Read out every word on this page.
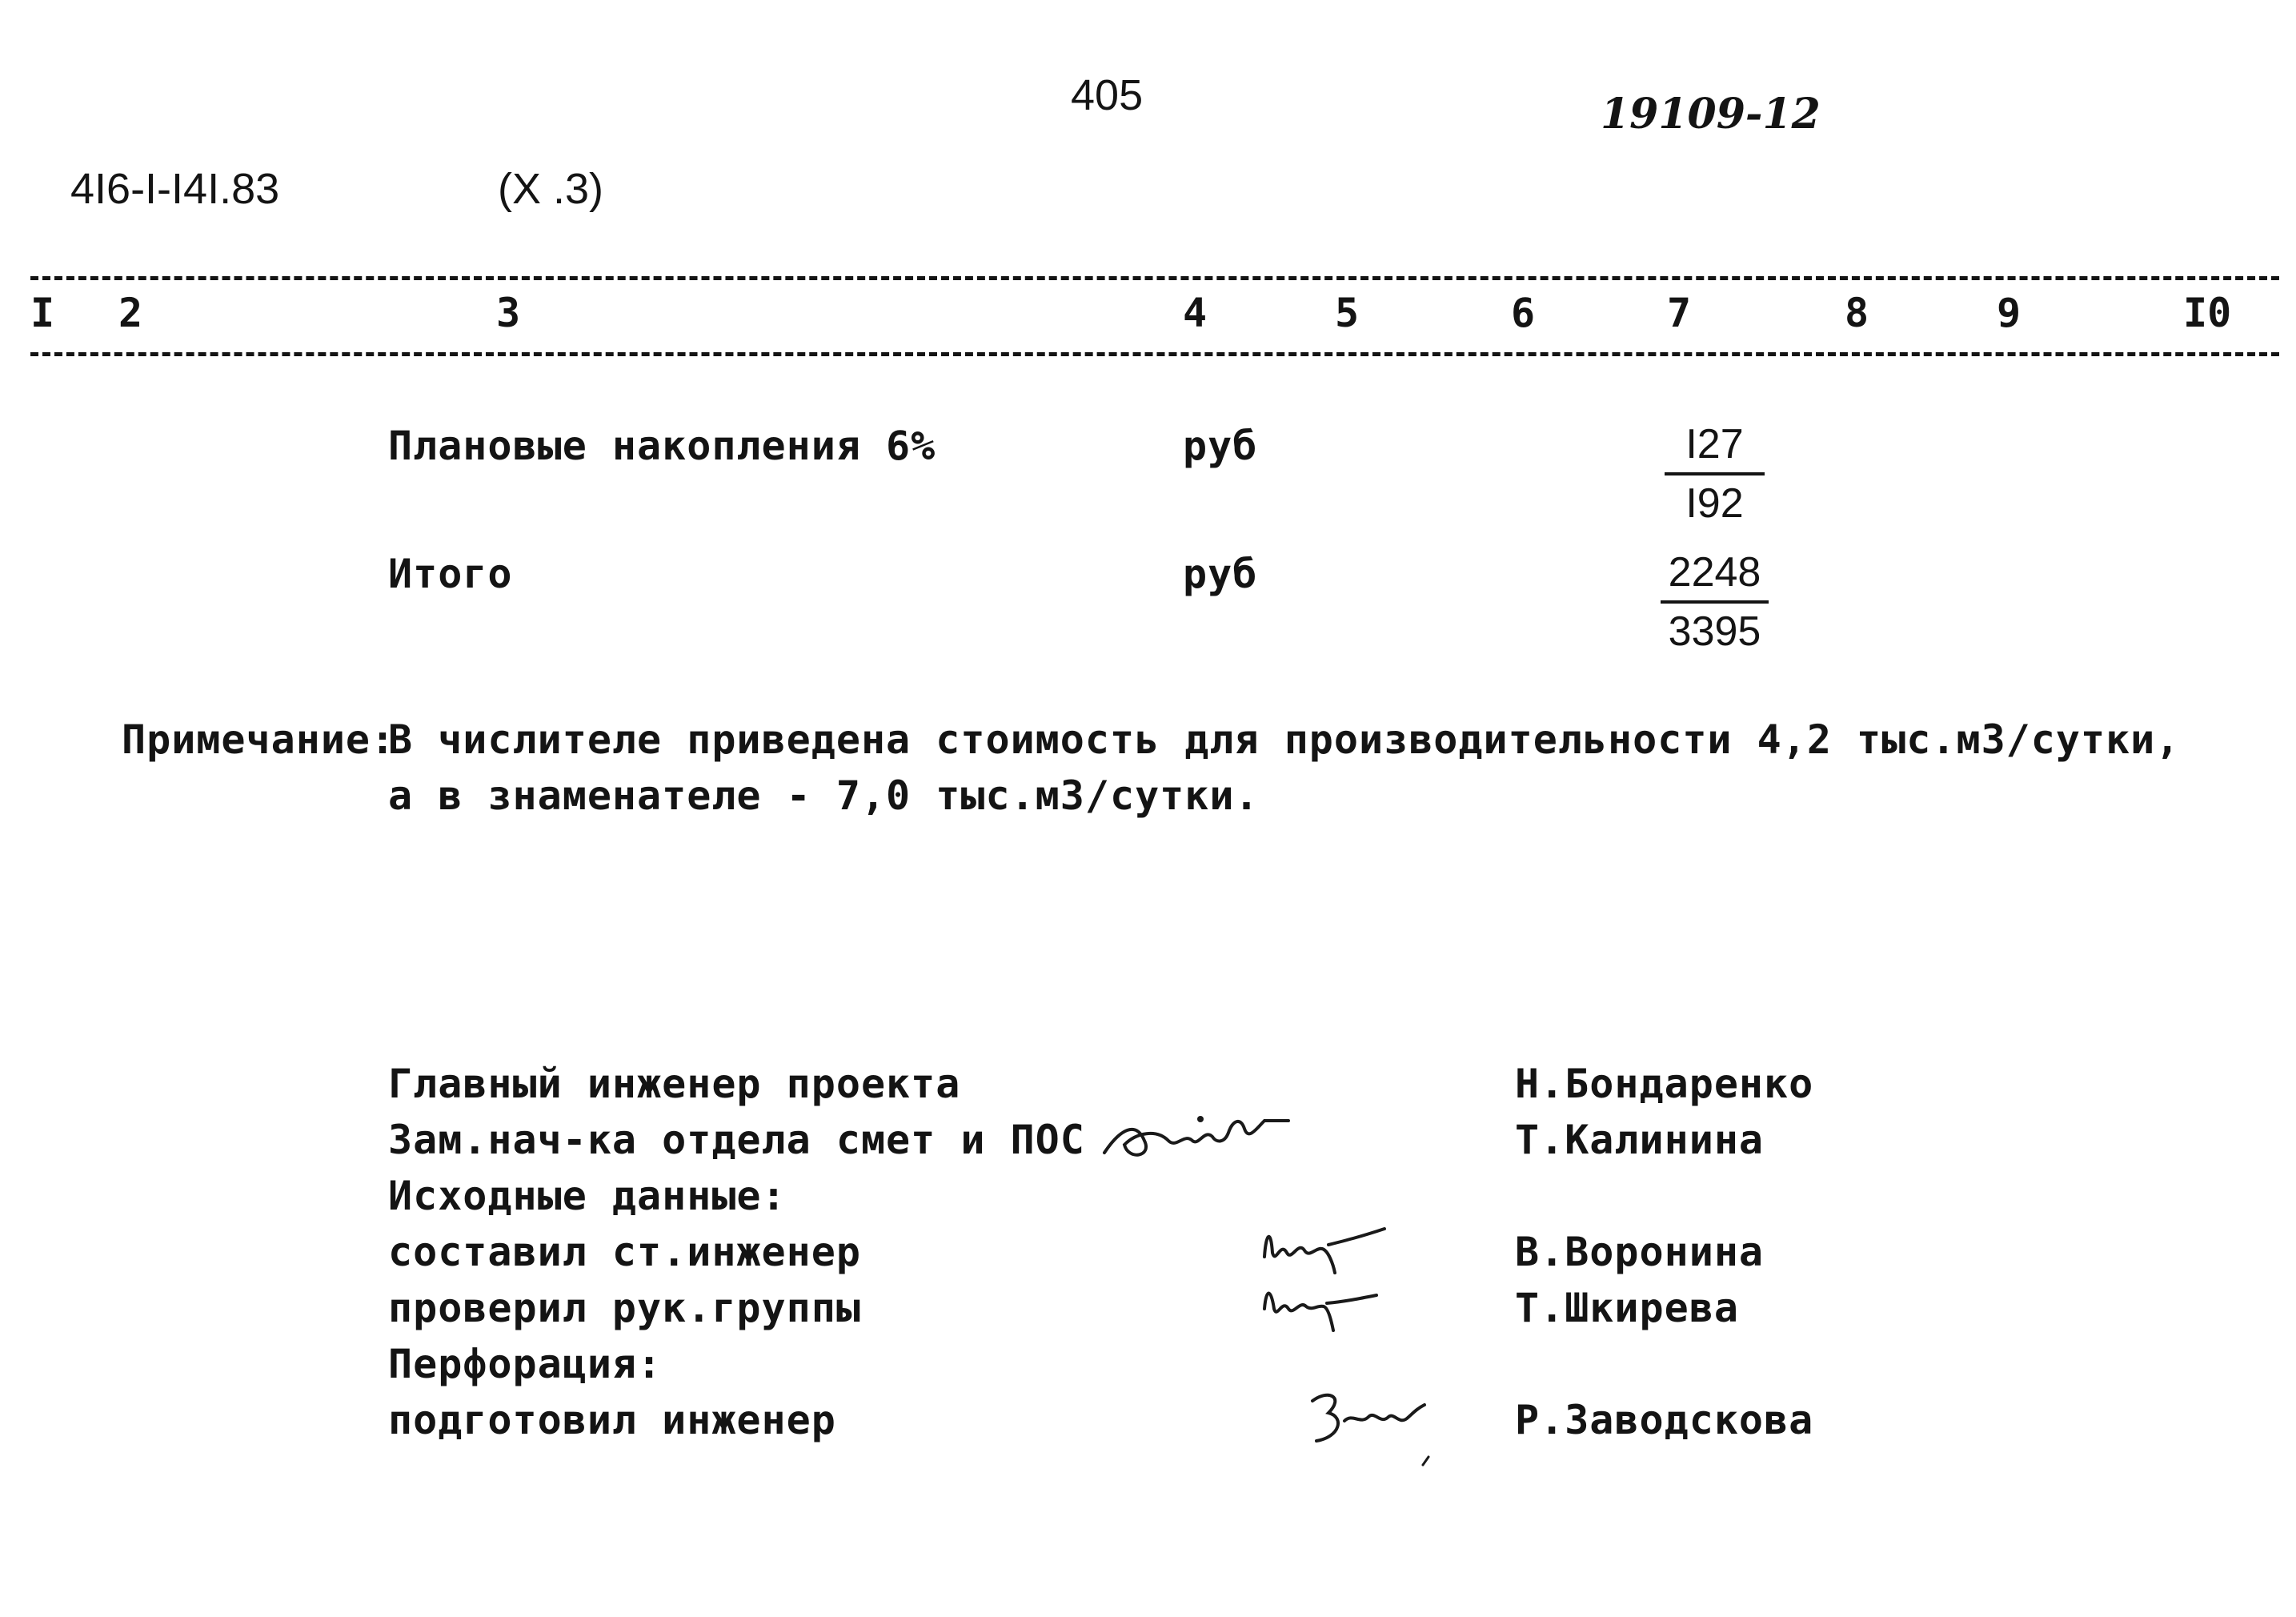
405	19109-12
4I6-I-I4I.83	(X .3)
I 2	3	4	5	6	7	8	9	I0
Плановые накопления 6%	руб	$\frac{I27}{I92}$
Итого	руб	$\frac{2248}{3395}$
Примечание:
В числителе приведена стоимость для производительности 4,2 тыс.м3/сутки,
а в знаменателе - 7,0 тыс.м3/сутки.
Главный инженер проекта	Н.Бондаренко
Зам.нач-ка отдела смет и ПОС	Т.Калинина
Исходные данные:
составил ст.инженер	В.Воронина
проверил рук.группы	Т.Шкирева
Перфорация:
подготовил инженер	Р.Заводскова
